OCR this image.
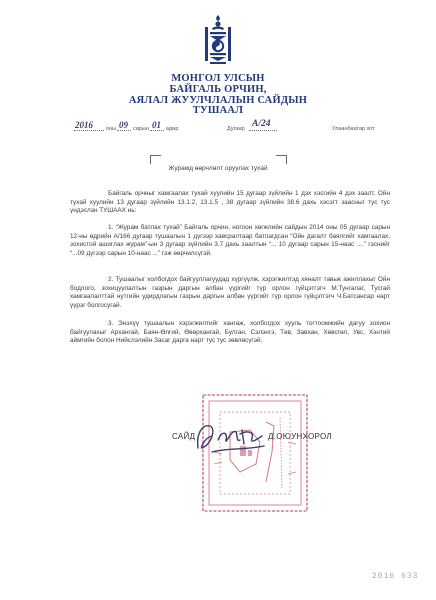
МОНГОЛ УЛСЫН
БАЙГАЛЬ ОРЧИН,
АЯЛАЛ ЖУУЛЧЛАЛЫН САЙДЫН
ТУШААЛ
2016 оны 09 сарын 01 өдөр	Дугаар А/24	Улаанбаатар хот
Журамд өөрчлөлт оруулах тухай
Байгаль орчныг хамгаалах тухай хуулийн 15 дугаар зүйлийн 1 дэх хэсгийн 4 дэх заалт, Ойн тухай хуулийн 13 дугаар зүйлийн 13.1.2, 13.1.5 , 38 дугаар зүйлийн 38.6 дахь хэсэгт заасныг тус тус үндэслэн ТУШААХ нь:
1. “Журам батлах тухай” Байгаль орчин, ногоон хөгжлийн сайдын 2014 оны 05 дугаар сарын 12-ны өдрийн А/166 дугаар тушаалын 1 дүгээр хавсралтаар батлагдсан “Ойн дагалт баялгийг хамгаалах, зохистой ашиглах журам”-ын 3 дугаар зүйлийн 3.7 дахь заалтын “... 10 дугаар сарын 15-наас ....” гэснийг “...09 дүгээр сарын 10-наас ...” гэж өөрчилсүгэй.
2. Тушаалыг холбогдох байгууллагуудад хүргүүлж, хэрэгжилтэд хяналт тавьж ажиллахыг Ойн бодлого, зохицуулалтын газрын даргын албан үүргийг түр орлон гүйцэтгэгч М.Тунгалаг, Тусгай хамгаалалттай нутгийн удирдлагын газрын даргын албан үүргийг түр орлон гүйцэтгэгч Ч.Батсансар нарт үүрэг болгосугай.
3. Энэхүү тушаалын хэрэгжилтийг хангаж, холбогдох хууль тогтоомжийн дагуу зохион байгуулахыг Архангай, Баян-Өлгий, Өвөрхангай, Булган, Сэлэнгэ, Төв, Завхан, Хөвсгөл, Увс, Хэнтий аймгийн болон Нийслэлийн Засаг дарга нарт тус тус зөвлөсүгэй.
САЙД	Д.ОЮУНХОРОЛ
2016 633
